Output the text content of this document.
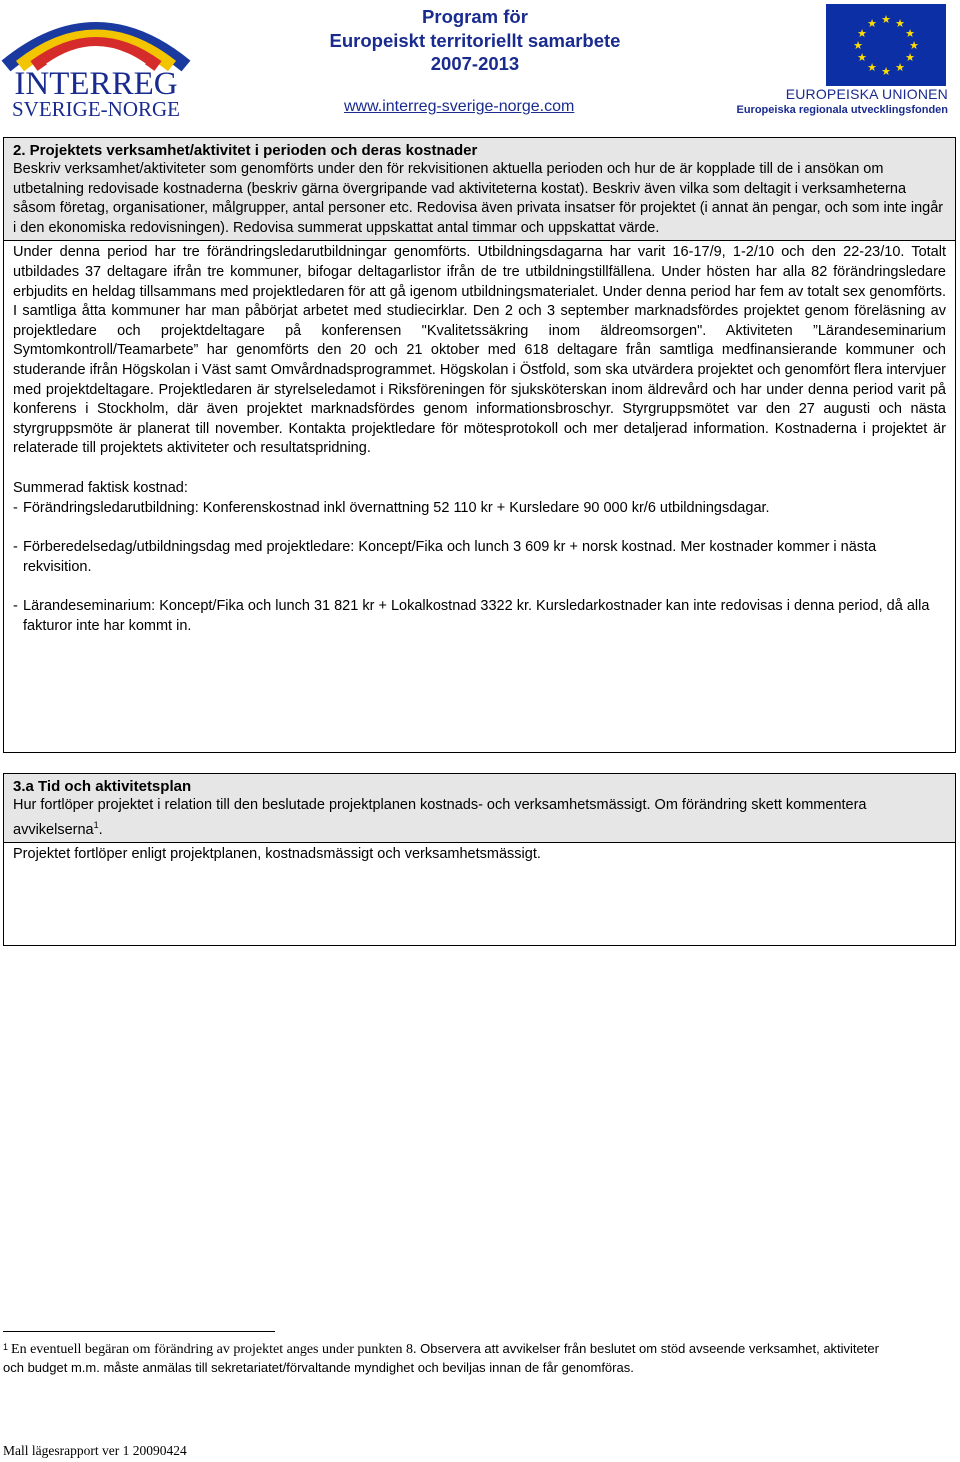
INTERREG
SVERIGE-NORGE
Program för
Europeiskt territoriellt samarbete
2007-2013
www.interreg-sverige-norge.com
★ ★
★
★
★
★
★
★
★
★
★
★
EUROPEISKA UNIONEN
Europeiska regionala utvecklingsfonden
2. Projektets verksamhet/aktivitet i perioden och deras kostnader

Beskriv verksamhet/aktiviteter som genomförts under den för rekvisitionen aktuella perioden och hur de är kopplade till de i ansökan om utbetalning redovisade kostnaderna (beskriv gärna övergripande vad aktiviteterna kostat). Beskriv även vilka som deltagit i verksamheterna såsom företag, organisationer, målgrupper, antal personer etc. Redovisa även privata insatser för projektet (i annat än pengar, och som inte ingår i den ekonomiska redovisningen). Redovisa summerat uppskattat antal timmar och uppskattat värde.

Under denna period har tre förändringsledarutbildningar genomförts. Utbildningsdagarna har varit 16-17/9, 1-2/10 och den 22-23/10. Totalt utbildades 37 deltagare ifrån tre kommuner, bifogar deltagarlistor ifrån de tre utbildningstillfällena. Under hösten har alla 82 förändringsledare erbjudits en heldag tillsammans med projektledaren för att gå igenom utbildningsmaterialet. Under denna period har fem av totalt sex genomförts. I samtliga åtta kommuner har man påbörjat arbetet med studiecirklar. Den 2 och 3 september marknadsfördes projektet genom föreläsning av projektledare och projektdeltagare på konferensen "Kvalitetssäkring inom äldreomsorgen". Aktiviteten ”Lärandeseminarium Symtomkontroll/Teamarbete” har genomförts den 20 och 21 oktober med 618 deltagare från samtliga medfinansierande kommuner och studerande ifrån Högskolan i Väst samt Omvårdnadsprogrammet. Högskolan i Östfold, som ska utvärdera projektet och genomfört flera intervjuer med projektdeltagare. Projektledaren är styrelseledamot i Riksföreningen för sjuksköterskan inom äldrevård och har under denna period varit på konferens i Stockholm, där även projektet marknadsfördes genom informationsbroschyr. Styrgruppsmötet var den 27 augusti och nästa styrgruppsmöte är planerat till november. Kontakta projektledare för mötesprotokoll och mer detaljerad information. Kostnaderna i projektet är relaterade till projektets aktiviteter och resultatspridning.

Summerad faktisk kostnad:

- Förändringsledarutbildning: Konferenskostnad inkl övernattning 52 110 kr + Kursledare 90 000 kr/6 utbildningsdagar.
- Förberedelsedag/utbildningsdag med projektledare: Koncept/Fika och lunch 3 609 kr + norsk kostnad. Mer kostnader kommer i nästa rekvisition.
- Lärandeseminarium: Koncept/Fika och lunch 31 821 kr + Lokalkostnad 3322 kr. Kursledarkostnader kan inte redovisas i denna period, då alla fakturor inte har kommt in.
3.a Tid och aktivitetsplan

Hur fortlöper projektet i relation till den beslutade projektplanen kostnads- och verksamhetsmässigt. Om förändring skett kommentera avvikelserna$^1$.

Projektet fortlöper enligt projektplanen, kostnadsmässigt och verksamhetsmässigt.

$^1$ En eventuell begäran om förändring av projektet anges under punkten 8. Observera att avvikelser från beslutet om stöd avseende verksamhet, aktiviteter och budget m.m. måste anmälas till sekretariatet/förvaltande myndighet och beviljas innan de får genomföras.
Mall lägesrapport ver 1 20090424
